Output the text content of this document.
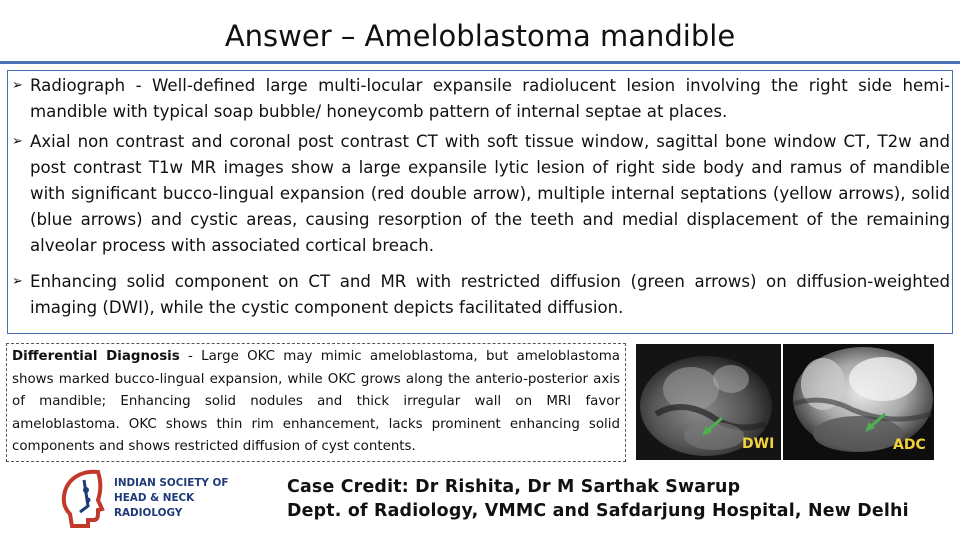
Answer – Ameloblastoma mandible
➢ Radiograph - Well-defined large multi-locular expansile radiolucent lesion involving the right side hemi-mandible with typical soap bubble/ honeycomb pattern of internal septae at places.
➢ Axial non contrast and coronal post contrast CT with soft tissue window, sagittal bone window CT, T2w and post contrast T1w MR images show a large expansile lytic lesion of right side body and ramus of mandible with significant bucco-lingual expansion (red double arrow), multiple internal septations (yellow arrows), solid (blue arrows) and cystic areas, causing resorption of the teeth and medial displacement of the remaining alveolar process with associated cortical breach.
➢ Enhancing solid component on CT and MR with restricted diffusion (green arrows) on diffusion-weighted imaging (DWI), while the cystic component depicts facilitated diffusion.
Differential Diagnosis - Large OKC may mimic ameloblastoma, but ameloblastoma shows marked bucco-lingual expansion, while OKC grows along the anterio-posterior axis of mandible; Enhancing solid nodules and thick irregular wall on MRI favor ameloblastoma. OKC shows thin rim enhancement, lacks prominent enhancing solid components and shows restricted diffusion of cyst contents.	DWI	ADC
INDIAN SOCIETY OF
HEAD & NECK
RADIOLOGY
Case Credit: Dr Rishita, Dr M Sarthak Swarup
Dept. of Radiology, VMMC and Safdarjung Hospital, New Delhi
